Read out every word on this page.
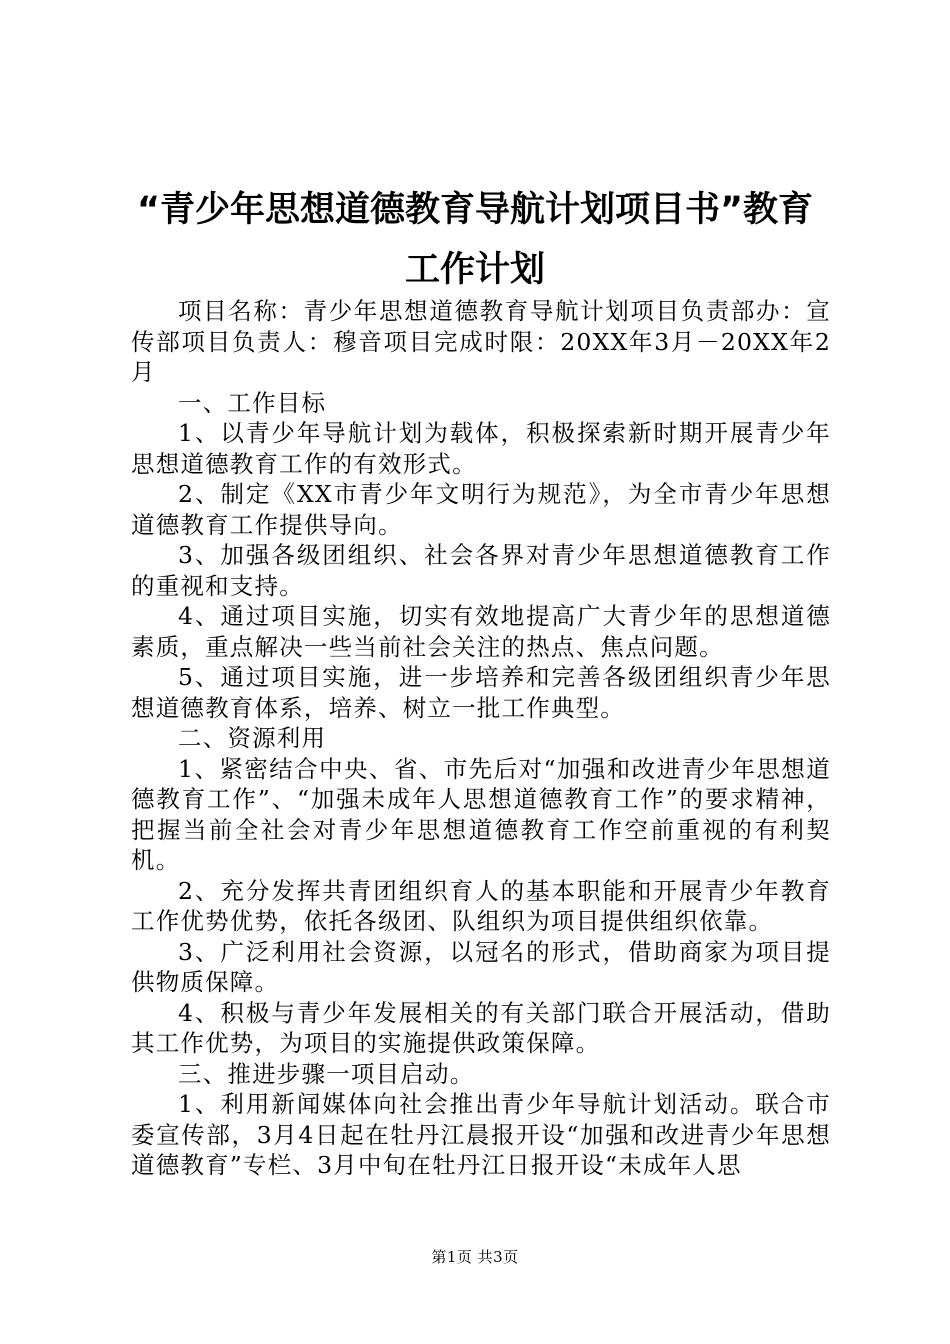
“青少年思想道德教育导航计划项目书”教育
工作计划

项目名称：青少年思想道德教育导航计划项目负责部办：宣传部项目负责人：穆音项目完成时限：20XX年3月－20XX年2月

一、工作目标

1、以青少年导航计划为载体，积极探索新时期开展青少年思想道德教育工作的有效形式。

2、制定《XX市青少年文明行为规范》，为全市青少年思想道德教育工作提供导向。

3、加强各级团组织、社会各界对青少年思想道德教育工作的重视和支持。

4、通过项目实施，切实有效地提高广大青少年的思想道德素质，重点解决一些当前社会关注的热点、焦点问题。

5、通过项目实施，进一步培养和完善各级团组织青少年思想道德教育体系，培养、树立一批工作典型。

二、资源利用

1、紧密结合中央、省、市先后对“加强和改进青少年思想道德教育工作”、“加强未成年人思想道德教育工作”的要求精神，把握当前全社会对青少年思想道德教育工作空前重视的有利契机。

2、充分发挥共青团组织育人的基本职能和开展青少年教育工作优势优势，依托各级团、队组织为项目提供组织依靠。

3、广泛利用社会资源，以冠名的形式，借助商家为项目提供物质保障。

4、积极与青少年发展相关的有关部门联合开展活动，借助其工作优势，为项目的实施提供政策保障。

三、推进步骤一项目启动。

1、利用新闻媒体向社会推出青少年导航计划活动。联合市委宣传部，3月4日起在牡丹江晨报开设“加强和改进青少年思想道德教育”专栏、3月中旬在牡丹江日报开设“未成年人思

第1页 共3页
